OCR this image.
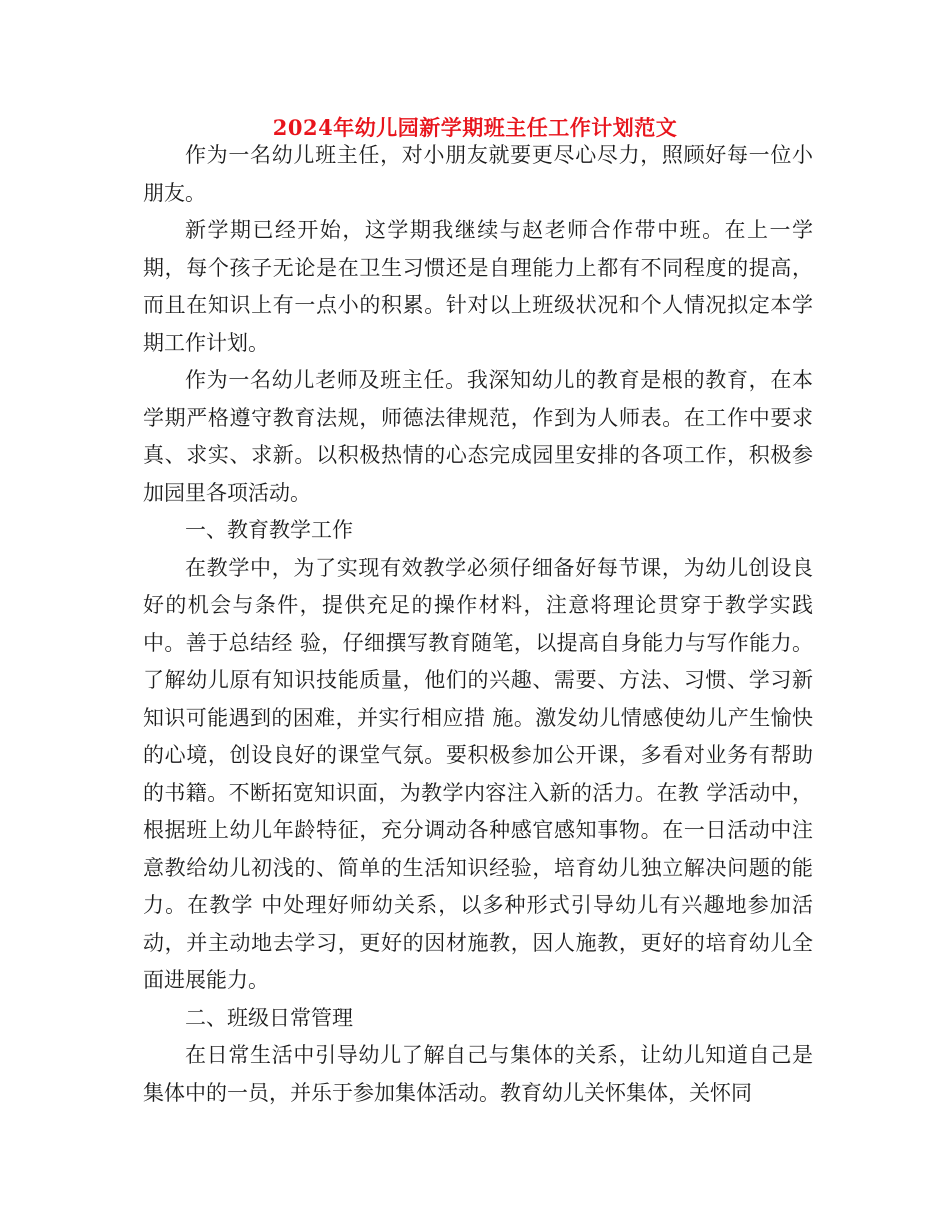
2024年幼儿园新学期班主任工作计划范文

作为一名幼儿班主任，对小朋友就要更尽心尽力，照顾好每一位小朋友。

新学期已经开始，这学期我继续与赵老师合作带中班。在上一学期，每个孩子无论是在卫生习惯还是自理能力上都有不同程度的提高，而且在知识上有一点小的积累。针对以上班级状况和个人情况拟定本学期工作计划。

作为一名幼儿老师及班主任。我深知幼儿的教育是根的教育，在本学期严格遵守教育法规，师德法律规范，作到为人师表。在工作中要求真、求实、求新。以积极热情的心态完成园里安排的各项工作，积极参加园里各项活动。

一、教育教学工作

在教学中，为了实现有效教学必须仔细备好每节课，为幼儿创设良好的机会与条件，提供充足的操作材料，注意将理论贯穿于教学实践中。善于总结经 验，仔细撰写教育随笔，以提高自身能力与写作能力。了解幼儿原有知识技能质量，他们的兴趣、需要、方法、习惯、学习新知识可能遇到的困难，并实行相应措 施。激发幼儿情感使幼儿产生愉快的心境，创设良好的课堂气氛。要积极参加公开课，多看对业务有帮助的书籍。不断拓宽知识面，为教学内容注入新的活力。在教 学活动中，根据班上幼儿年龄特征，充分调动各种感官感知事物。在一日活动中注意教给幼儿初浅的、简单的生活知识经验，培育幼儿独立解决问题的能力。在教学 中处理好师幼关系，以多种形式引导幼儿有兴趣地参加活动，并主动地去学习，更好的因材施教，因人施教，更好的培育幼儿全面进展能力。

二、班级日常管理

在日常生活中引导幼儿了解自己与集体的关系，让幼儿知道自己是集体中的一员，并乐于参加集体活动。教育幼儿关怀集体，关怀同
